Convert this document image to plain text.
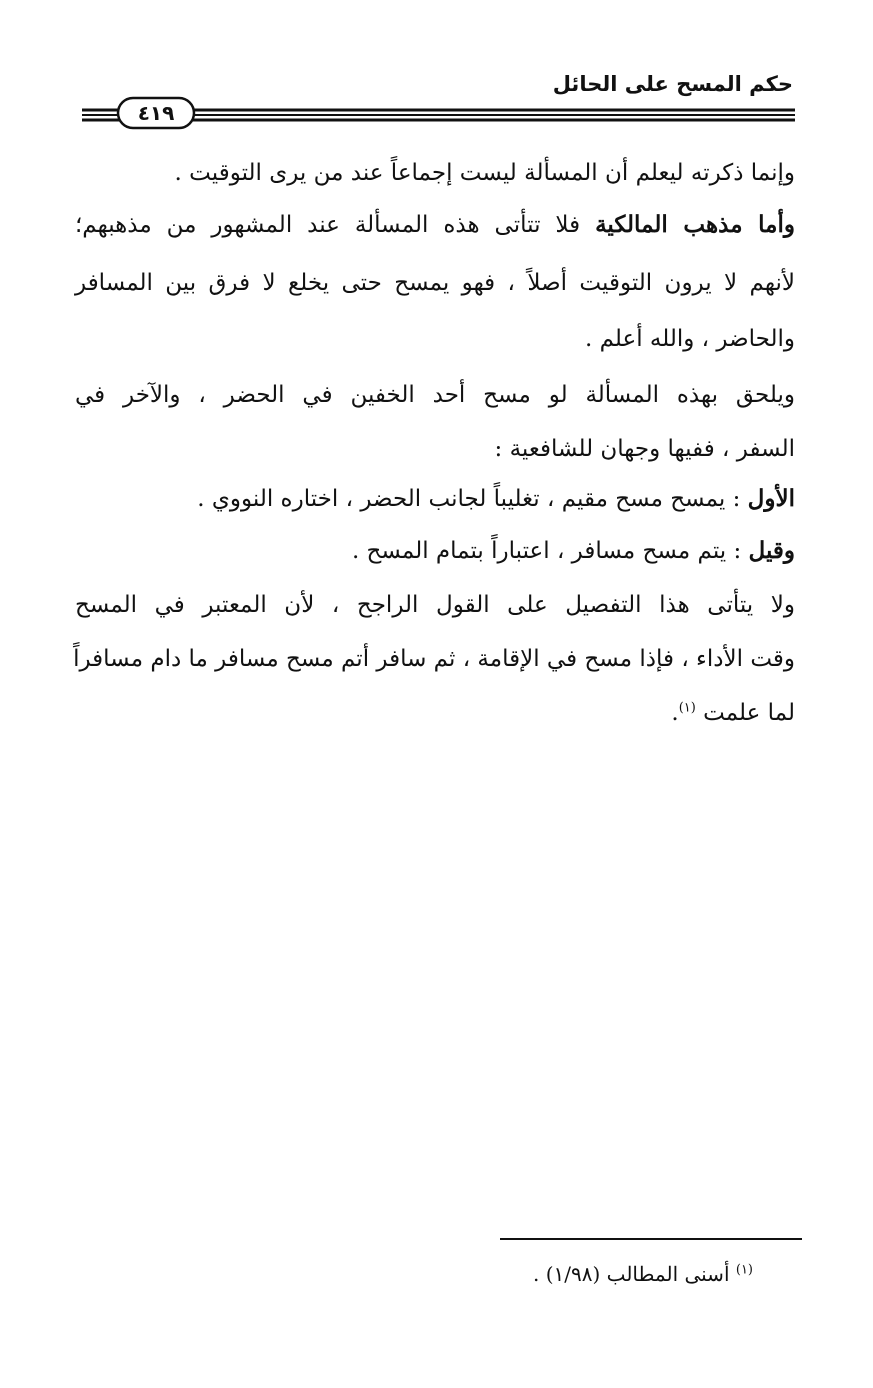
حكم المسح على الحائل
٤١٩
وإنما ذكرته ليعلم أن المسألة ليست إجماعاً عند من يرى التوقيت .
وأما مذهب المالكية فلا تتأتى هذه المسألة عند المشهور من مذهبهم؛
لأنهم لا يرون التوقيت أصلاً ، فهو يمسح حتى يخلع لا فرق بين المسافر
والحاضر ، والله أعلم .
ويلحق بهذه المسألة لو مسح أحد الخفين في الحضر ، والآخر في
السفر ، ففيها وجهان للشافعية :
الأول : يمسح مسح مقيم ، تغليباً لجانب الحضر ، اختاره النووي .
وقيل : يتم مسح مسافر ، اعتباراً بتمام المسح .
ولا يتأتى هذا التفصيل على القول الراجح ، لأن المعتبر في المسح
وقت الأداء ، فإذا مسح في الإقامة ، ثم سافر أتم مسح مسافر ما دام مسافراً
لما علمت $^{(١)}$.
$^{(١)}$ أسنى المطالب (١/٩٨) .
